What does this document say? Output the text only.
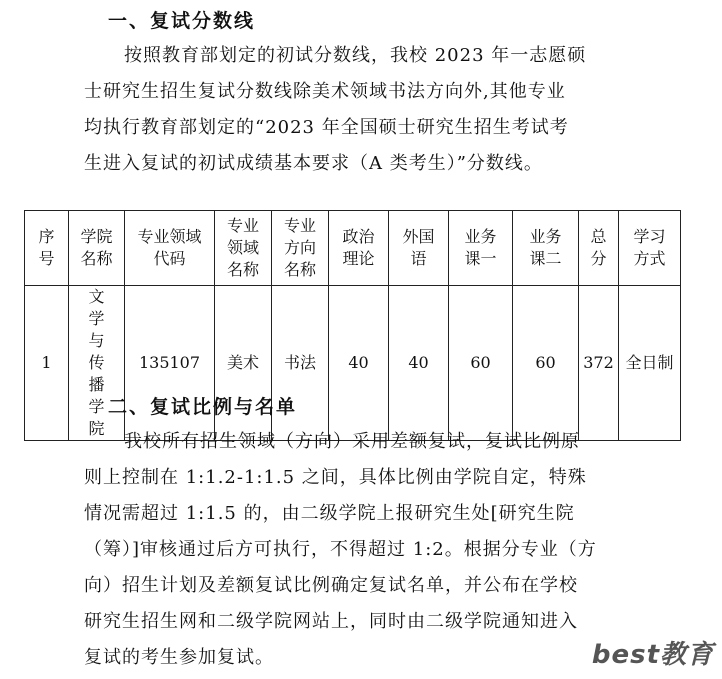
一、复试分数线
按照教育部划定的初试分数线，我校 2023 年一志愿硕
士研究生招生复试分数线除美术领域书法方向外,其他专业
均执行教育部划定的“2023 年全国硕士研究生招生考试考
生进入复试的初试成绩基本要求（A 类考生）”分数线。
序号	学院名称	专业领域代码	专业领域名称	专业方向名称	政治理论	外国语	业务课一	业务课二	总分	学习方式
1	文学与传播学院	135107	美术	书法	40	40	60	60	372	全日制
二、复试比例与名单
我校所有招生领域（方向）采用差额复试，复试比例原
则上控制在 1:1.2-1:1.5 之间，具体比例由学院自定，特殊
情况需超过 1:1.5 的，由二级学院上报研究生处[研究生院
（筹）]审核通过后方可执行，不得超过 1:2。根据分专业（方
向）招生计划及差额复试比例确定复试名单，并公布在学校
研究生招生网和二级学院网站上，同时由二级学院通知进入
复试的考生参加复试。	best教育
